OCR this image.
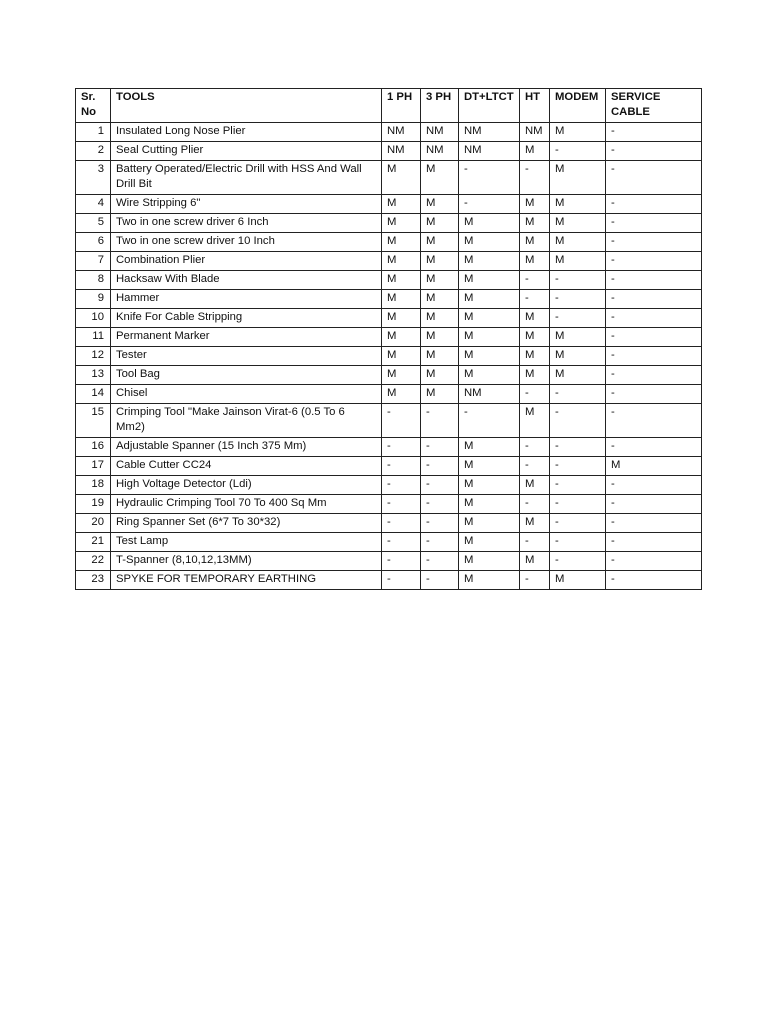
Sr. No	TOOLS	1 PH	3 PH	DT+LTCT	HT	MODEM	SERVICE CABLE
1	Insulated Long Nose Plier	NM	NM	NM	NM	M	-
2	Seal Cutting Plier	NM	NM	NM	M	-	-
3	Battery Operated/Electric Drill with HSS And Wall Drill Bit	M	M	-	-	M	-
4	Wire Stripping 6"	M	M	-	M	M	-
5	Two in one screw driver 6 Inch	M	M	M	M	M	-
6	Two in one screw driver 10 Inch	M	M	M	M	M	-
7	Combination Plier	M	M	M	M	M	-
8	Hacksaw With Blade	M	M	M	-	-	-
9	Hammer	M	M	M	-	-	-
10	Knife For Cable Stripping	M	M	M	M	-	-
11	Permanent Marker	M	M	M	M	M	-
12	Tester	M	M	M	M	M	-
13	Tool Bag	M	M	M	M	M	-
14	Chisel	M	M	NM	-	-	-
15	Crimping Tool "Make Jainson Virat-6 (0.5 To 6 Mm2)	-	-	-	M	-	-
16	Adjustable Spanner (15 Inch 375 Mm)	-	-	M	-	-	-
17	Cable Cutter CC24	-	-	M	-	-	M
18	High Voltage Detector (Ldi)	-	-	M	M	-	-
19	Hydraulic Crimping Tool 70 To 400 Sq Mm	-	-	M	-	-	-
20	Ring Spanner Set (6*7 To 30*32)	-	-	M	M	-	-
21	Test Lamp	-	-	M	-	-	-
22	T-Spanner (8,10,12,13MM)	-	-	M	M	-	-
23	SPYKE FOR TEMPORARY EARTHING	-	-	M	-	M	-
